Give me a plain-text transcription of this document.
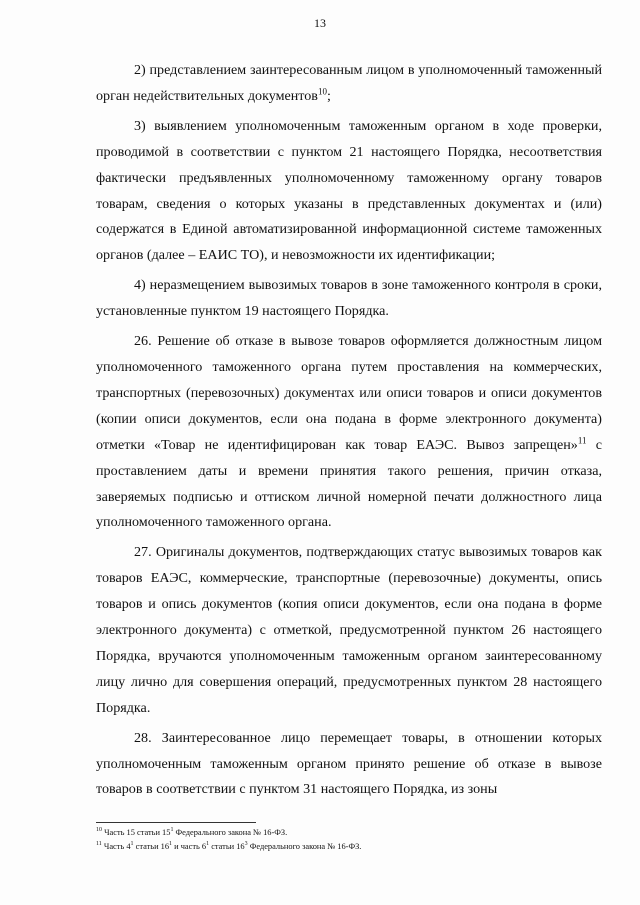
13

2) представлением заинтересованным лицом в уполномоченный таможенный орган недействительных документов$^{10}$;

3) выявлением уполномоченным таможенным органом в ходе проверки, проводимой в соответствии с пунктом 21 настоящего Порядка, несоответствия фактически предъявленных уполномоченному таможенному органу товаров товарам, сведения о которых указаны в представленных документах и (или) содержатся в Единой автоматизированной информационной системе таможенных органов (далее – ЕАИС ТО), и невозможности их идентификации;

4) неразмещением вывозимых товаров в зоне таможенного контроля в сроки, установленные пунктом 19 настоящего Порядка.

26. Решение об отказе в вывозе товаров оформляется должностным лицом уполномоченного таможенного органа путем проставления на коммерческих, транспортных (перевозочных) документах или описи товаров и описи документов (копии описи документов, если она подана в форме электронного документа) отметки «Товар не идентифицирован как товар ЕАЭС. Вывоз запрещен»$^{11}$ с проставлением даты и времени принятия такого решения, причин отказа, заверяемых подписью и оттиском личной номерной печати должностного лица уполномоченного таможенного органа.

27. Оригиналы документов, подтверждающих статус вывозимых товаров как товаров ЕАЭС, коммерческие, транспортные (перевозочные) документы, опись товаров и опись документов (копия описи документов, если она подана в форме электронного документа) с отметкой, предусмотренной пунктом 26 настоящего Порядка, вручаются уполномоченным таможенным органом заинтересованному лицу лично для совершения операций, предусмотренных пунктом 28 настоящего Порядка.

28. Заинтересованное лицо перемещает товары, в отношении которых уполномоченным таможенным органом принято решение об отказе в вывозе товаров в соответствии с пунктом 31 настоящего Порядка, из зоны

$^{10}$ Часть 15 статьи $15^1$ Федерального закона № 16-ФЗ.

$^{11}$ Часть $4^1$ статьи $16^1$ и часть $6^1$ статьи $16^3$ Федерального закона № 16-ФЗ.
